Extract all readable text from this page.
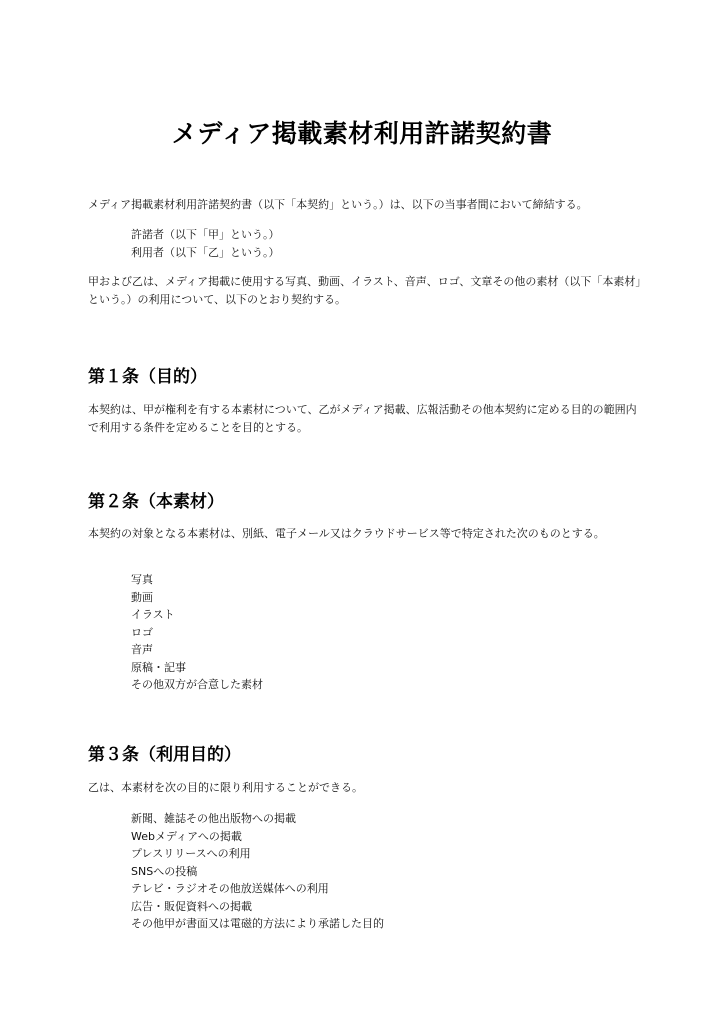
メディア掲載素材利用許諾契約書

メディア掲載素材利用許諾契約書（以下「本契約」という。）は、以下の当事者間において締結する。

許諾者（以下「甲」という。）
利用者（以下「乙」という。）

甲および乙は、メディア掲載に使用する写真、動画、イラスト、音声、ロゴ、文章その他の素材（以下「本素材」という。）の利用について、以下のとおり契約する。

第１条（目的）

本契約は、甲が権利を有する本素材について、乙がメディア掲載、広報活動その他本契約に定める目的の範囲内で利用する条件を定めることを目的とする。

第２条（本素材）

本契約の対象となる本素材は、別紙、電子メール又はクラウドサービス等で特定された次のものとする。

写真
動画
イラスト
ロゴ
音声
原稿・記事
その他双方が合意した素材
第３条（利用目的）

乙は、本素材を次の目的に限り利用することができる。

新聞、雑誌その他出版物への掲載
Webメディアへの掲載
プレスリリースへの利用
SNSへの投稿
テレビ・ラジオその他放送媒体への利用
広告・販促資料への掲載
その他甲が書面又は電磁的方法により承諾した目的
